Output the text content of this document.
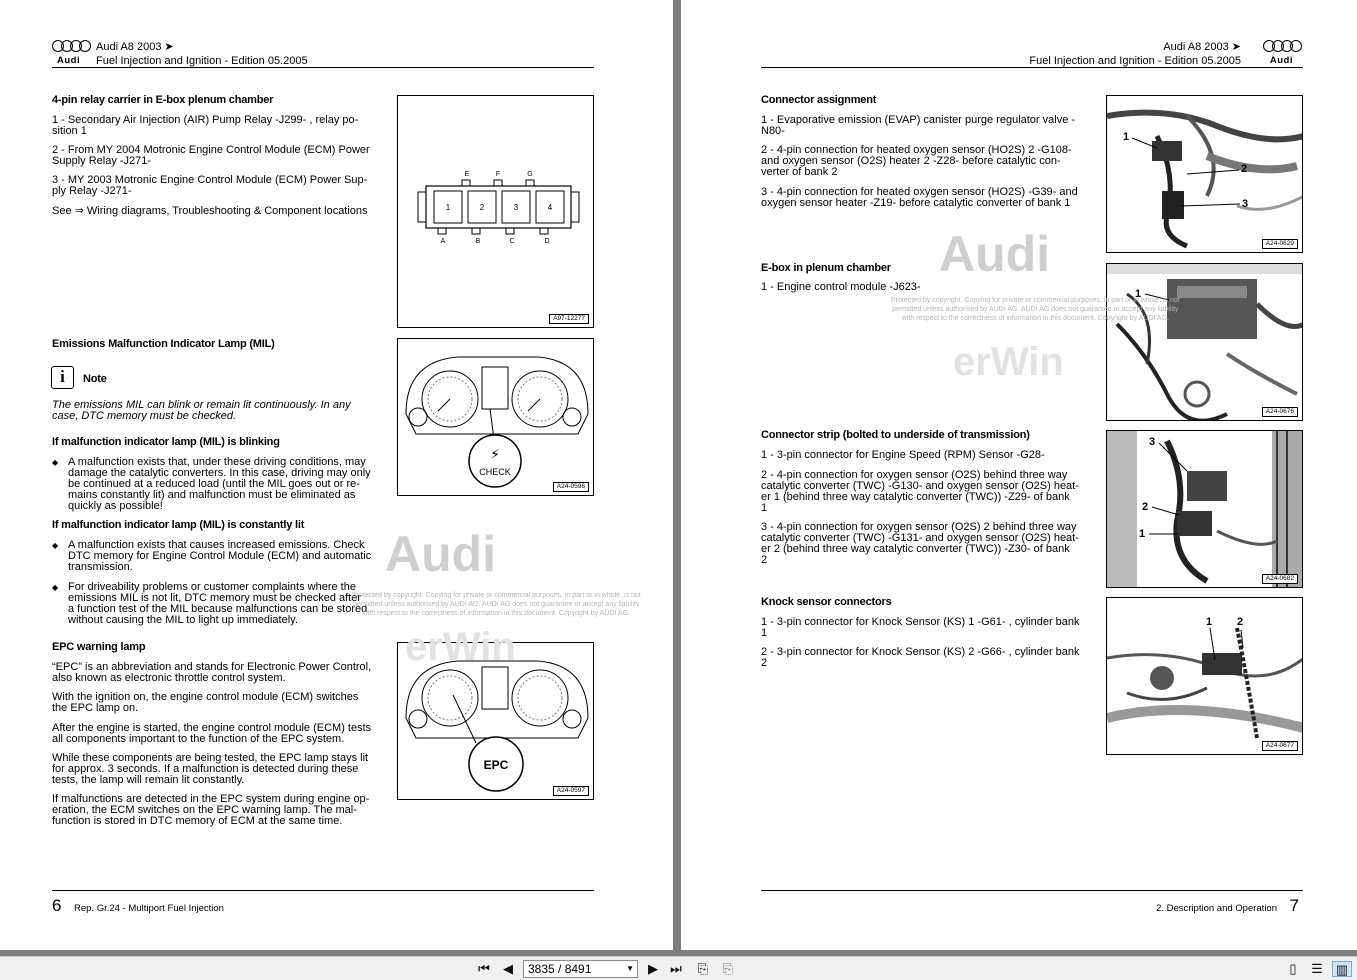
Audi
Audi A8 2003 ➤
Fuel Injection and Ignition - Edition 05.2005
4-pin relay carrier in E-box plenum chamber
1 - Secondary Air Injection (AIR) Pump Relay -J299- , relay po-
sition 1
2 - From MY 2004 Motronic Engine Control Module (ECM) Power
Supply Relay -J271-
3 - MY 2003 Motronic Engine Control Module (ECM) Power Sup-
ply Relay -J271-
See ⇒ Wiring diagrams, Troubleshooting & Component locations
E	F	G
1	2	3	4
A	B	C	D
A97-12277
Emissions Malfunction Indicator Lamp (MIL)
i	Note
The emissions MIL can blink or remain lit continuously. In any
case, DTC memory must be checked.
If malfunction indicator lamp (MIL) is blinking
◆ A malfunction exists that, under these driving conditions, may
damage the catalytic converters. In this case, driving may only
be continued at a reduced load (until the MIL goes out or re-
mains constantly lit) and malfunction must be eliminated as
quickly as possible!
If malfunction indicator lamp (MIL) is constantly lit
◆ A malfunction exists that causes increased emissions. Check
DTC memory for Engine Control Module (ECM) and automatic
transmission.
◆ For driveability problems or customer complaints where the
emissions MIL is not lit, DTC memory must be checked after
a function test of the MIL because malfunctions can be stored
without causing the MIL to light up immediately.
⚡
CHECK
A24-0596
EPC warning lamp
“EPC” is an abbreviation and stands for Electronic Power Control,
also known as electronic throttle control system.
With the ignition on, the engine control module (ECM) switches
the EPC lamp on.
After the engine is started, the engine control module (ECM) tests
all components important to the function of the EPC system.
While these components are being tested, the EPC lamp stays lit
for approx. 3 seconds. If a malfunction is detected during these
tests, the lamp will remain lit constantly.
If malfunctions are detected in the EPC system during engine op-
eration, the ECM switches on the EPC warning lamp. The mal-
function is stored in DTC memory of ECM at the same time.
EPC
A24-0597
Audi
erWin
Protected by copyright. Copying for private or commercial purposes, in part or in whole, is not
permitted unless authorised by AUDI AG. AUDI AG does not guarantee or accept any liability
with respect to the correctness of information in this document. Copyright by AUDI AG.
6 Rep. Gr.24 - Multiport Fuel Injection
Audi A8 2003 ➤
Fuel Injection and Ignition - Edition 05.2005	Audi
Connector assignment
1 - Evaporative emission (EVAP) canister purge regulator valve -
N80-
2 - 4-pin connection for heated oxygen sensor (HO2S) 2 -G108-
and oxygen sensor (O2S) heater 2 -Z28- before catalytic con-
verter of bank 2
3 - 4-pin connection for heated oxygen sensor (HO2S) -G39- and
oxygen sensor heater -Z19- before catalytic converter of bank 1
1
2
3
A24-0629
E-box in plenum chamber
1 - Engine control module -J623-
1
A24-0676
Connector strip (bolted to underside of transmission)
1 - 3-pin connector for Engine Speed (RPM) Sensor -G28-
2 - 4-pin connection for oxygen sensor (O2S) behind three way
catalytic converter (TWC) -G130- and oxygen sensor (O2S) heat-
er 1 (behind three way catalytic converter (TWC)) -Z29- of bank
1
3 - 4-pin connection for oxygen sensor (O2S) 2 behind three way
catalytic converter (TWC) -G131- and oxygen sensor (O2S) heat-
er 2 (behind three way catalytic converter (TWC)) -Z30- of bank
2
3
2
1
A24-0682
Knock sensor connectors
1 - 3-pin connector for Knock Sensor (KS) 1 -G61- , cylinder bank
1
2 - 3-pin connector for Knock Sensor (KS) 2 -G66- , cylinder bank
2
1 2
A24-0677
Audi
erWin
Protected by copyright. Copying for private or commercial purposes, in part or in whole, is not
permitted unless authorised by AUDI AG. AUDI AG does not guarantee or accept any liability
with respect to the correctness of information in this document. Copyright by AUDI AG.
2. Description and Operation 7
⏮ ◀	3835 / 8491	▼ ▶ ⏭ ⎘ ⎘	▯	☰ ▥
